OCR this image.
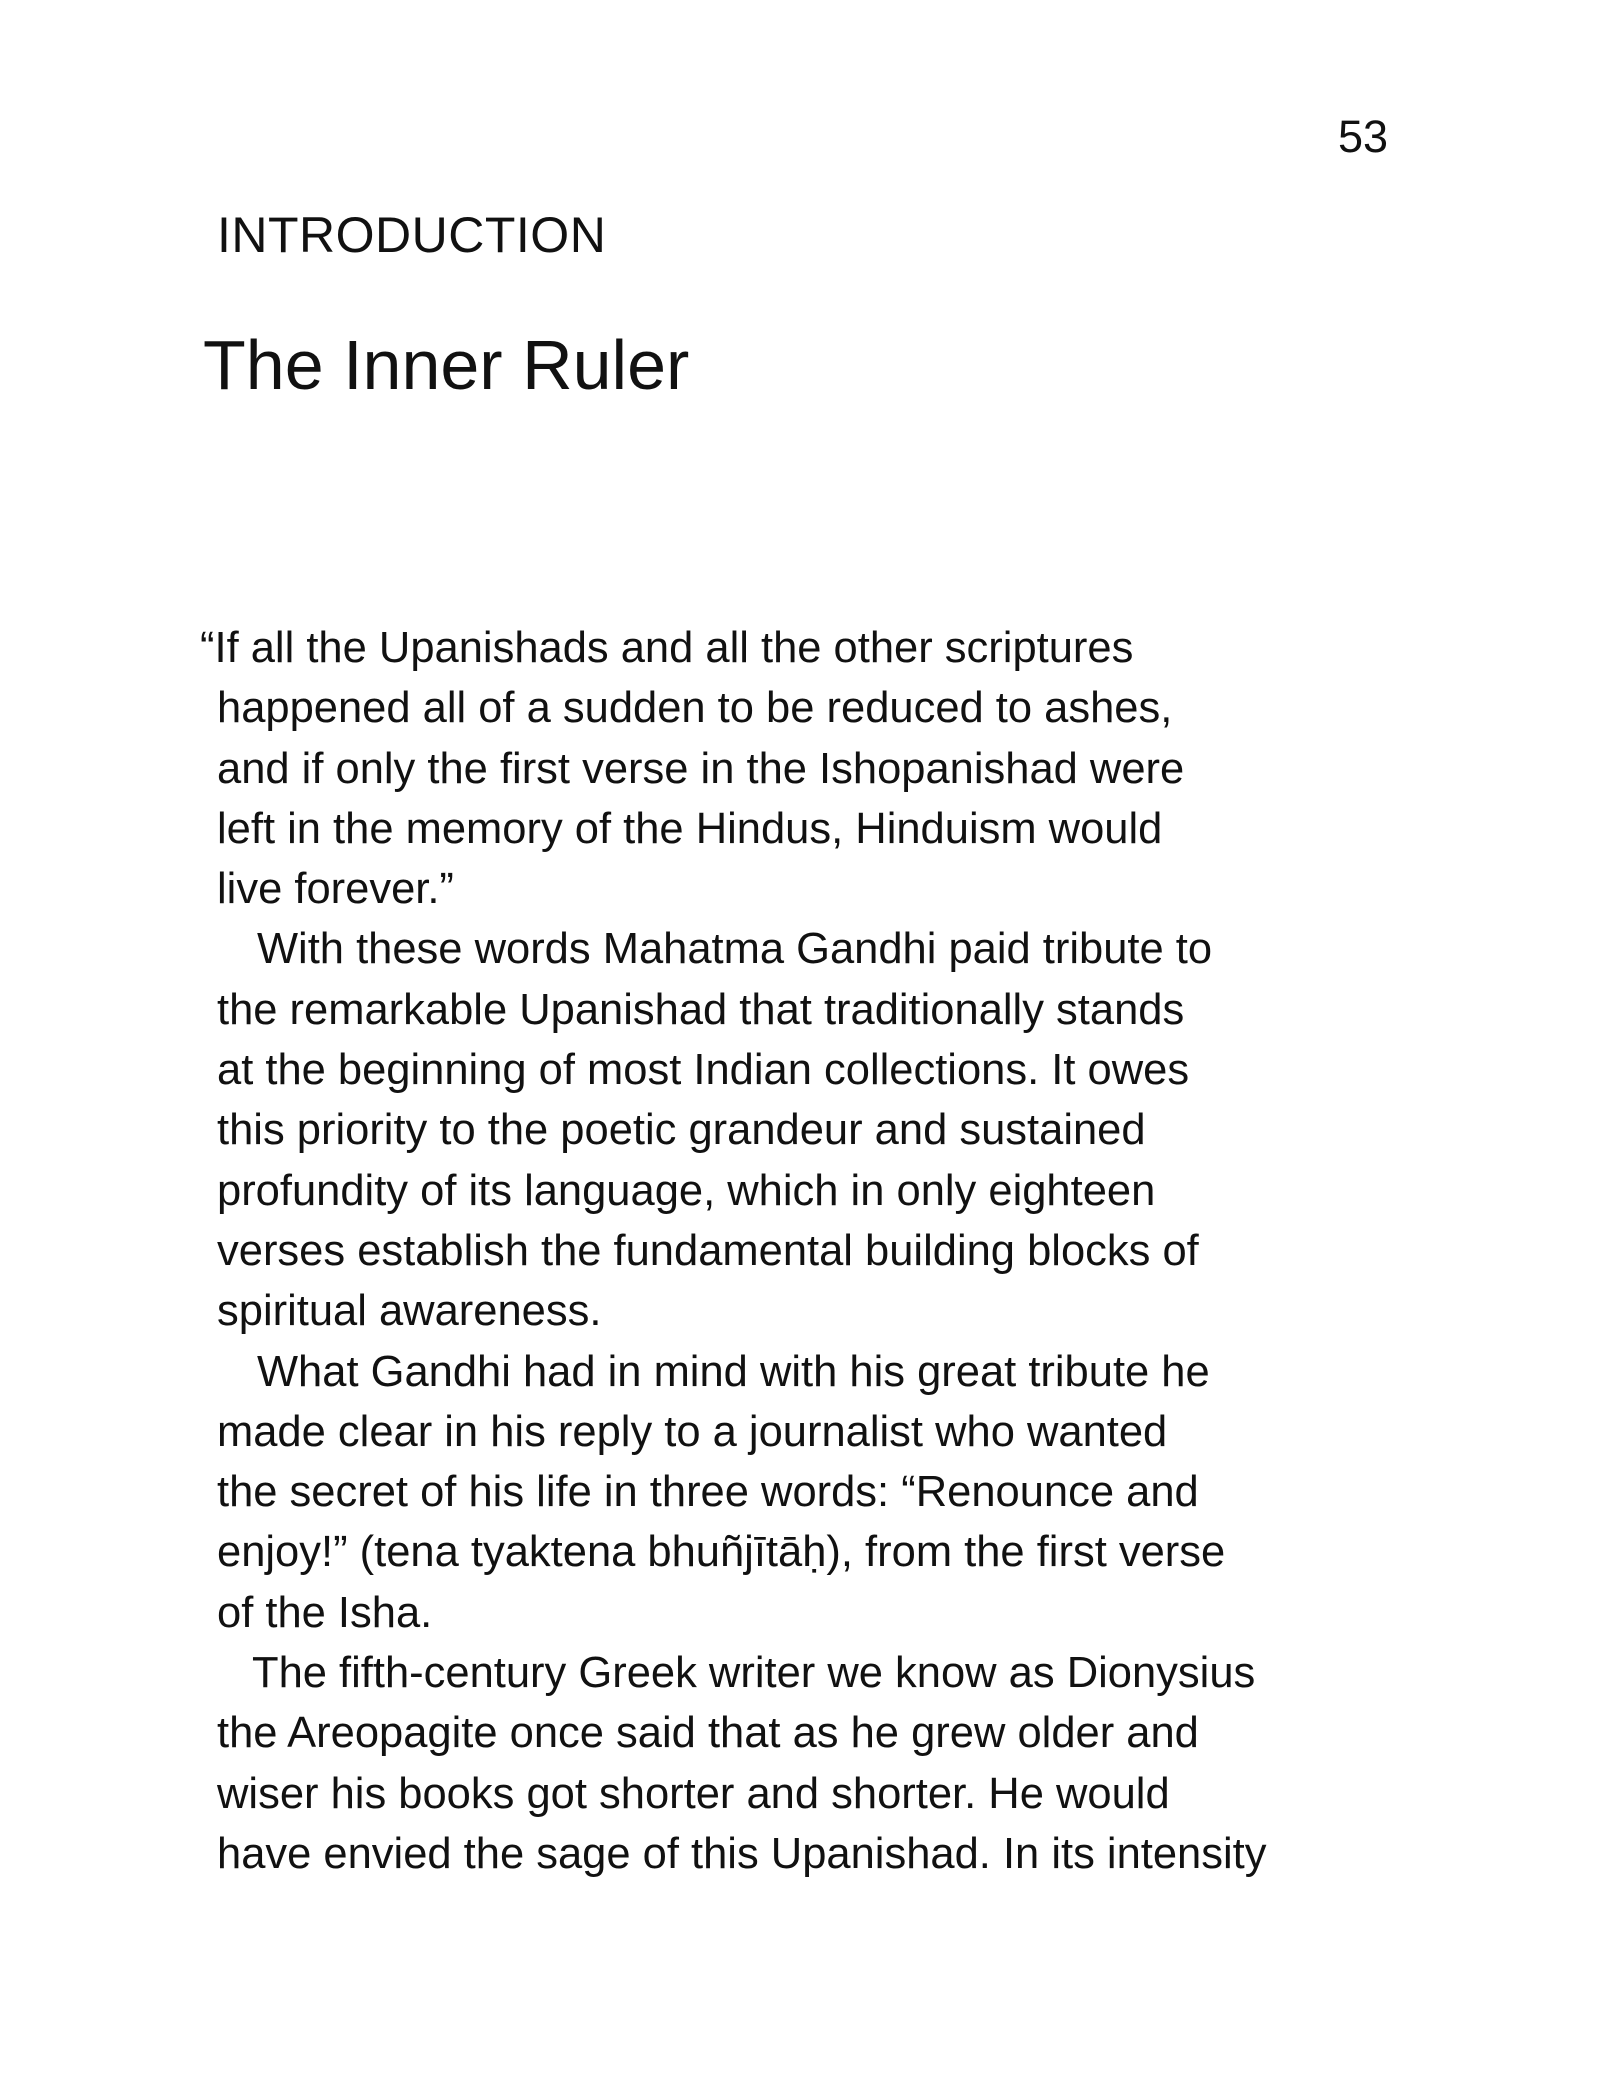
53
INTRODUCTION
The Inner Ruler
“If all the Upanishads and all the other scriptures
happened all of a sudden to be reduced to ashes,
and if only the first verse in the Ishopanishad were
left in the memory of the Hindus, Hinduism would
live forever.”
With these words Mahatma Gandhi paid tribute to
the remarkable Upanishad that traditionally stands
at the beginning of most Indian collections. It owes
this priority to the poetic grandeur and sustained
profundity of its language, which in only eighteen
verses establish the fundamental building blocks of
spiritual awareness.
What Gandhi had in mind with his great tribute he
made clear in his reply to a journalist who wanted
the secret of his life in three words: “Renounce and
enjoy!” (tena tyaktena bhuñjītāḥ), from the first verse
of the Isha.
The fifth-century Greek writer we know as Dionysius
the Areopagite once said that as he grew older and
wiser his books got shorter and shorter. He would
have envied the sage of this Upanishad. In its intensity
